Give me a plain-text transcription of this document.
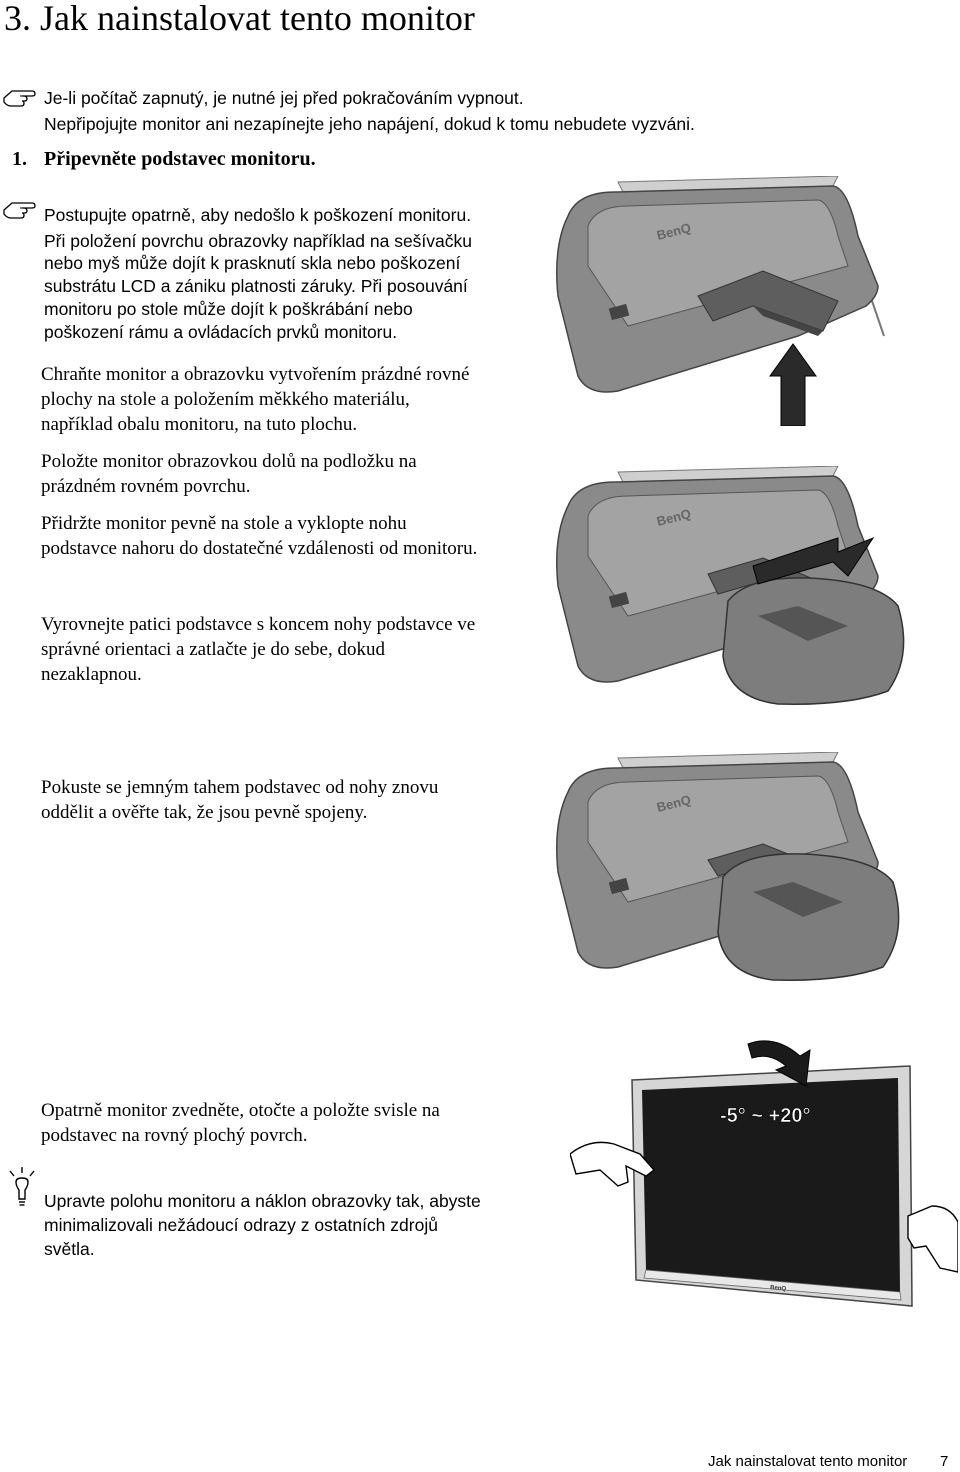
3. Jak nainstalovat tento monitor
Je-li počítač zapnutý, je nutné jej před pokračováním vypnout.
Nepřipojujte monitor ani nezapínejte jeho napájení, dokud k tomu nebudete vyzváni.
1. Připevněte podstavec monitoru.
Postupujte opatrně, aby nedošlo k poškození monitoru.
Při položení povrchu obrazovky například na sešívačku
nebo myš může dojít k prasknutí skla nebo poškození
substrátu LCD a zániku platnosti záruky. Při posouvání
monitoru po stole může dojít k poškrábání nebo
poškození rámu a ovládacích prvků monitoru.
Chraňte monitor a obrazovku vytvořením prázdné rovné
plochy na stole a položením měkkého materiálu,
například obalu monitoru, na tuto plochu.
Položte monitor obrazovkou dolů na podložku na
prázdném rovném povrchu.
Přidržte monitor pevně na stole a vyklopte nohu
podstavce nahoru do dostatečné vzdálenosti od monitoru.
Vyrovnejte patici podstavce s koncem nohy podstavce ve
správné orientaci a zatlačte je do sebe, dokud
nezaklapnou.
Pokuste se jemným tahem podstavec od nohy znovu
oddělit a ověřte tak, že jsou pevně spojeny.
Opatrně monitor zvedněte, otočte a položte svisle na
podstavec na rovný plochý povrch.
Upravte polohu monitoru a náklon obrazovky tak, abyste
minimalizovali nežádoucí odrazy z ostatních zdrojů
světla.
BenQ
BenQ
BenQ
BenQ
-5° ~ +20°
Jak nainstalovat tento monitor 7
